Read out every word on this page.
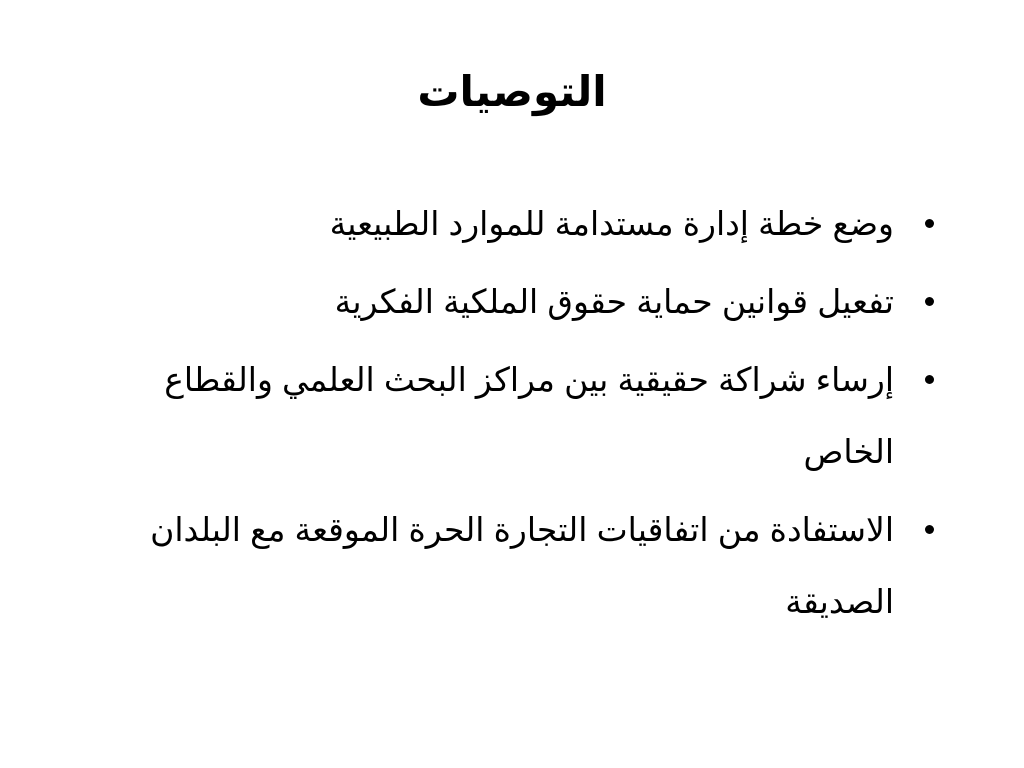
التوصيات
وضع خطة إدارة مستدامة للموارد الطبيعية
تفعيل قوانين حماية حقوق الملكية الفكرية
إرساء شراكة حقيقية بين مراكز البحث العلمي والقطاع الخاص
الاستفادة من اتفاقيات التجارة الحرة الموقعة مع البلدان الصديقة
